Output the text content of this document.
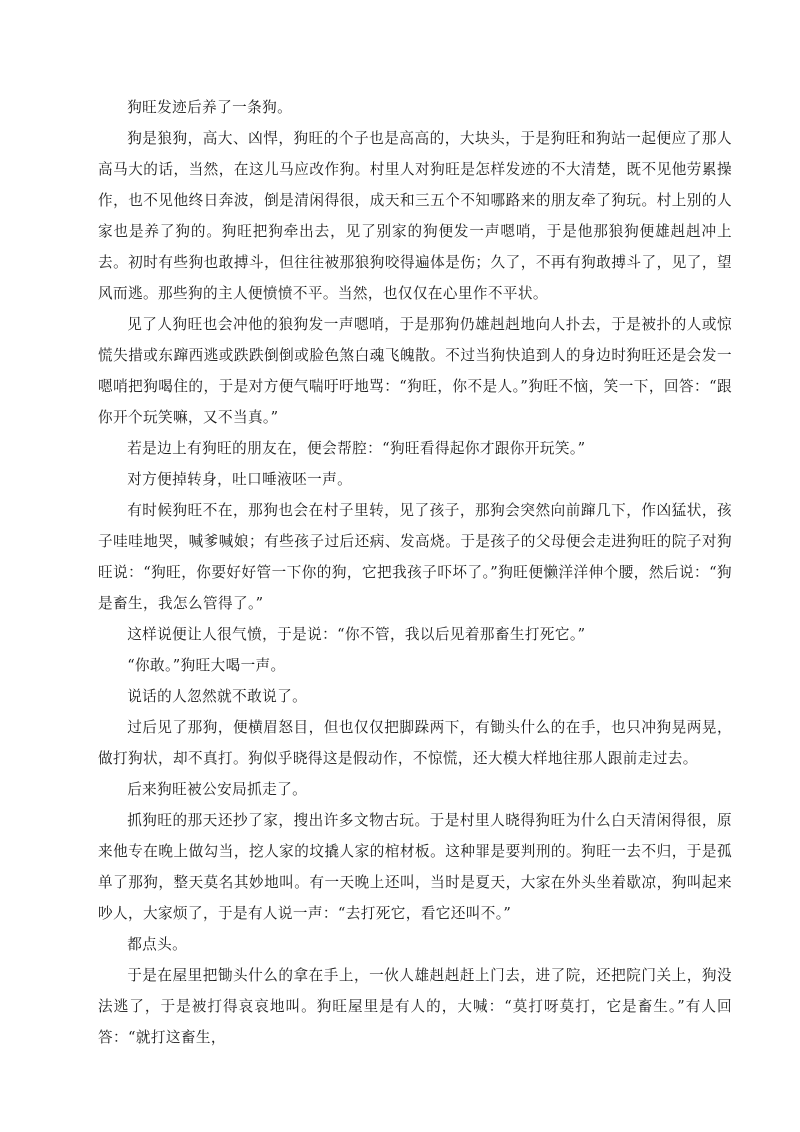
狗旺发迹后养了一条狗。

狗是狼狗，高大、凶悍，狗旺的个子也是高高的，大块头，于是狗旺和狗站一起便应了那人高马大的话，当然，在这儿马应改作狗。村里人对狗旺是怎样发迹的不大清楚，既不见他劳累操作，也不见他终日奔波，倒是清闲得很，成天和三五个不知哪路来的朋友牵了狗玩。村上别的人家也是养了狗的。狗旺把狗牵出去，见了别家的狗便发一声嗯哨，于是他那狼狗便雄赳赳冲上去。初时有些狗也敢搏斗，但往往被那狼狗咬得遍体是伤；久了，不再有狗敢搏斗了，见了，望风而逃。那些狗的主人便愤愤不平。当然，也仅仅在心里作不平状。

见了人狗旺也会冲他的狼狗发一声嗯哨，于是那狗仍雄赳赳地向人扑去，于是被扑的人或惊慌失措或东蹿西逃或跌跌倒倒或脸色煞白魂飞魄散。不过当狗快追到人的身边时狗旺还是会发一嗯哨把狗喝住的，于是对方便气喘吁吁地骂：“狗旺，你不是人。”狗旺不恼，笑一下，回答：“跟你开个玩笑嘛，又不当真。”

若是边上有狗旺的朋友在，便会帮腔：“狗旺看得起你才跟你开玩笑。”

对方便掉转身，吐口唾液呸一声。

有时候狗旺不在，那狗也会在村子里转，见了孩子，那狗会突然向前蹿几下，作凶猛状，孩子哇哇地哭，喊爹喊娘；有些孩子过后还病、发高烧。于是孩子的父母便会走进狗旺的院子对狗旺说：“狗旺，你要好好管一下你的狗，它把我孩子吓坏了。”狗旺便懒洋洋伸个腰，然后说：“狗是畜生，我怎么管得了。”

这样说便让人很气愤，于是说：“你不管，我以后见着那畜生打死它。”

“你敢。”狗旺大喝一声。

说话的人忽然就不敢说了。

过后见了那狗，便横眉怒目，但也仅仅把脚跺两下，有锄头什么的在手，也只冲狗晃两晃，做打狗状，却不真打。狗似乎晓得这是假动作，不惊慌，还大模大样地往那人跟前走过去。

后来狗旺被公安局抓走了。

抓狗旺的那天还抄了家，搜出许多文物古玩。于是村里人晓得狗旺为什么白天清闲得很，原来他专在晚上做勾当，挖人家的坟撬人家的棺材板。这种罪是要判刑的。狗旺一去不归，于是孤单了那狗，整天莫名其妙地叫。有一天晚上还叫，当时是夏天，大家在外头坐着歇凉，狗叫起来吵人，大家烦了，于是有人说一声：“去打死它，看它还叫不。”

都点头。

于是在屋里把锄头什么的拿在手上，一伙人雄赳赳赶上门去，进了院，还把院门关上，狗没法逃了，于是被打得哀哀地叫。狗旺屋里是有人的，大喊：“莫打呀莫打，它是畜生。”有人回答：“就打这畜生，
